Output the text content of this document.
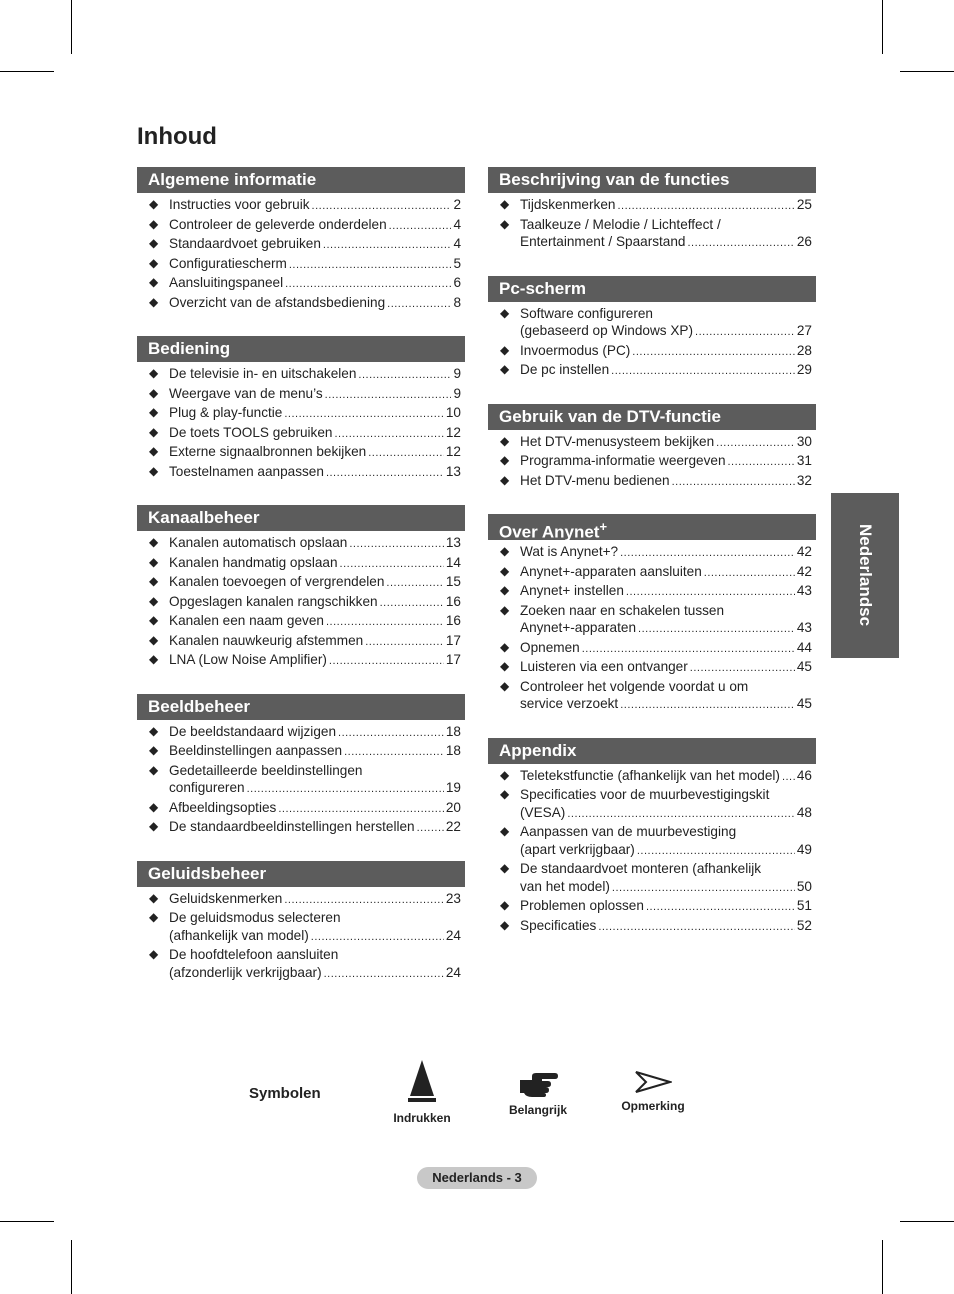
Inhoud
Algemene informatie
◆ Instructies voor gebruik .....	2
◆ Controleer de geleverde onderdelen .....	4
◆ Standaardvoet gebruiken .....	4
◆ Configuratiescherm .....	5
◆ Aansluitingspaneel .....	6
◆ Overzicht van de afstandsbediening .....	8
Bediening
◆ De televisie in- en uitschakelen .....	9
◆ Weergave van de menu’s .....	9
◆ Plug & play-functie .....	10
◆ De toets TOOLS gebruiken .....	12
◆ Externe signaalbronnen bekijken .....	12
◆ Toestelnamen aanpassen .....	13
Kanaalbeheer
◆ Kanalen automatisch opslaan .....	13
◆ Kanalen handmatig opslaan .....	14
◆ Kanalen toevoegen of vergrendelen .....	15
◆ Opgeslagen kanalen rangschikken .....	16
◆ Kanalen een naam geven .....	16
◆ Kanalen nauwkeurig afstemmen .....	17
◆ LNA (Low Noise Amplifier) .....	17
Beeldbeheer
◆ De beeldstandaard wijzigen .....	18
◆ Beeldinstellingen aanpassen .....	18
◆ Gedetailleerde beeldinstellingen
configureren .....	19
◆ Afbeeldingsopties .....	20
◆ De standaardbeeldinstellingen herstellen ..... 22
Geluidsbeheer
◆ Geluidskenmerken .....	23
◆ De geluidsmodus selecteren
(afhankelijk van model) .....	24
◆ De hoofdtelefoon aansluiten
(afzonderlijk verkrijgbaar) .....	24
Beschrijving van de functies
◆ Tijdskenmerken .....	25
◆ Taalkeuze / Melodie / Lichteffect /
Entertainment / Spaarstand .....	26
Pc-scherm
◆ Software configureren
(gebaseerd op Windows XP) .....	27
◆ Invoermodus (PC) .....	28
◆ De pc instellen .....	29
Gebruik van de DTV-functie
◆ Het DTV-menusysteem bekijken .....	30
◆ Programma-informatie weergeven .....	31
◆ Het DTV-menu bedienen .....	32
Over Anynet+
◆ Wat is Anynet+? .....	42
◆ Anynet+-apparaten aansluiten .....	42
◆ Anynet+ instellen .....	43
◆ Zoeken naar en schakelen tussen
Anynet+-apparaten .....	43
◆ Opnemen .....	44
◆ Luisteren via een ontvanger .....	45
◆ Controleer het volgende voordat u om
service verzoekt .....	45
Appendix
◆ Teletekstfunctie (afhankelijk van het model) ..... 46
◆ Specificaties voor de muurbevestigingskit
(VESA) .....	48
◆ Aanpassen van de muurbevestiging
(apart verkrijgbaar) .....	49
◆ De standaardvoet monteren (afhankelijk
van het model) .....	50
◆ Problemen oplossen .....	51
◆ Specificaties .....	52
Nederlandsc
Symbolen
Indrukken
Belangrijk	Opmerking
Nederlands - 3
